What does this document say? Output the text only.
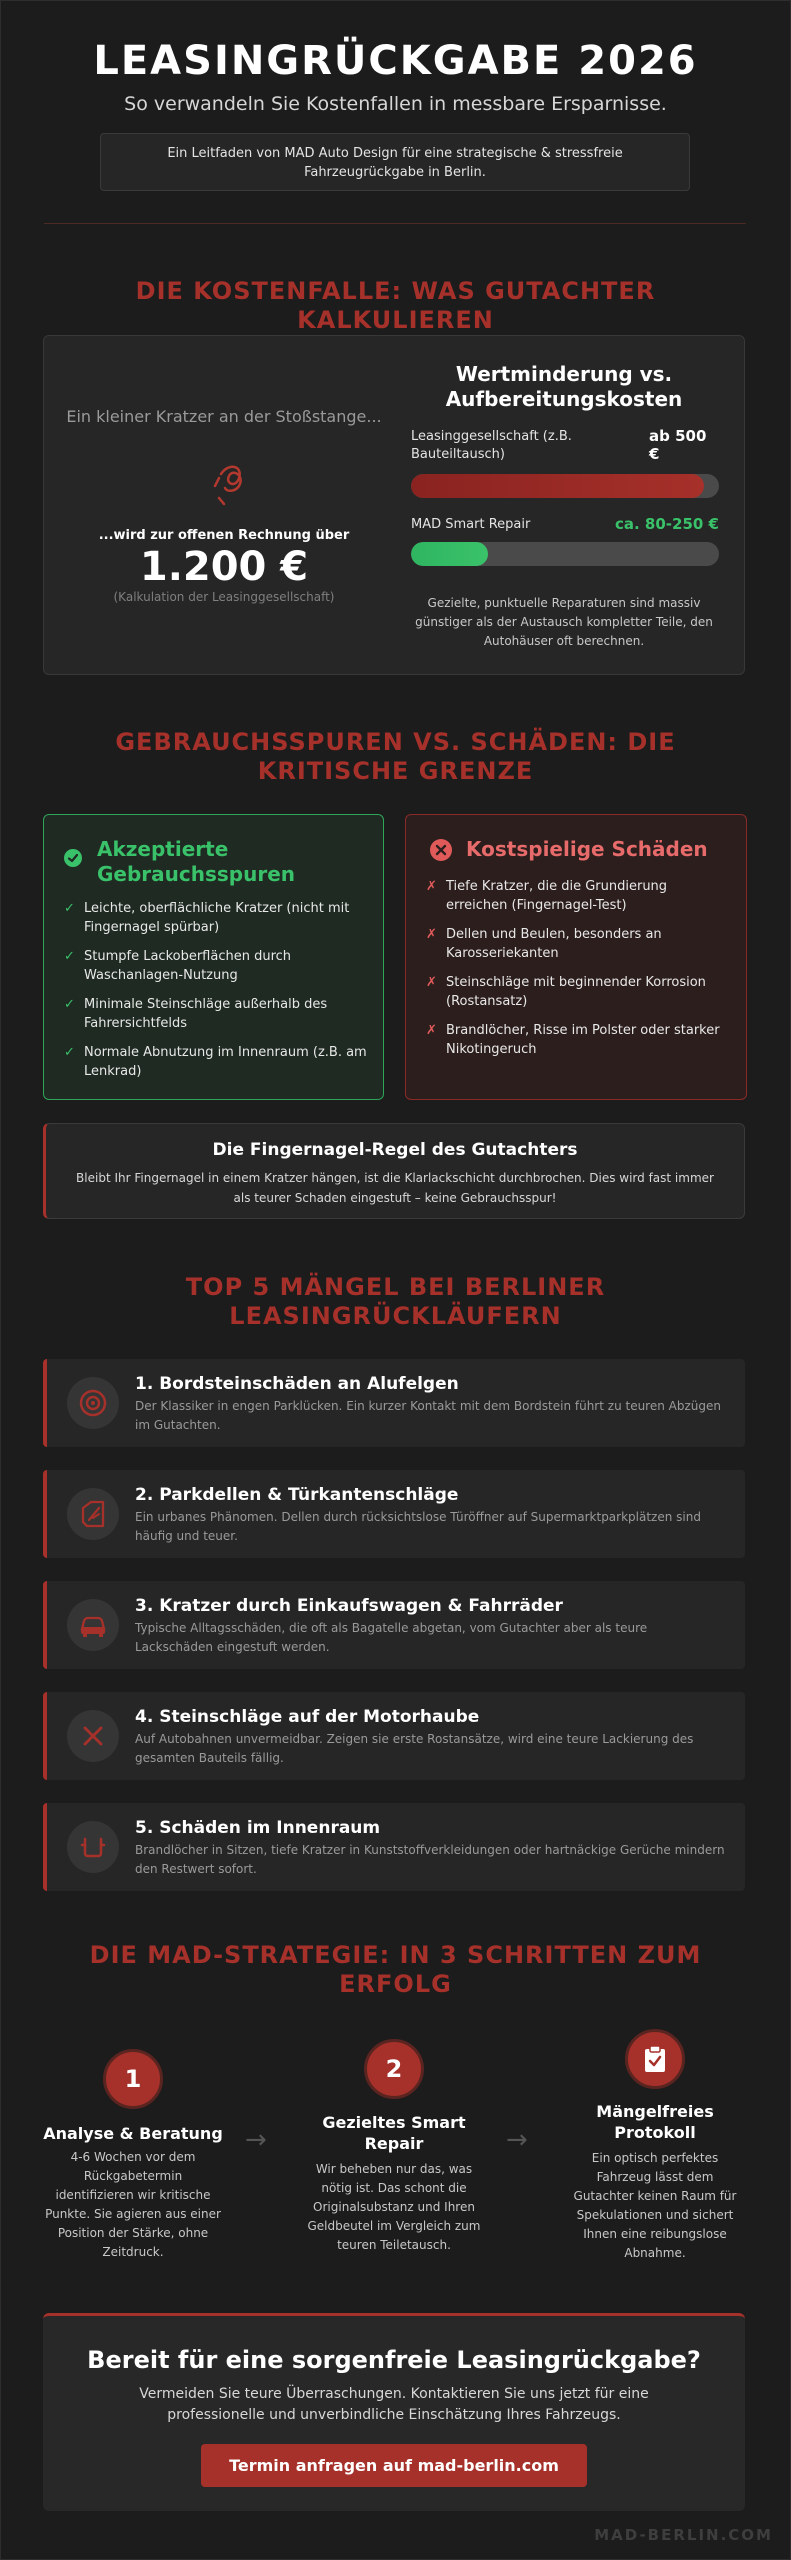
LEASINGRÜCKGABE 2026
So verwandeln Sie Kostenfallen in messbare Ersparnisse.
Ein Leitfaden von MAD Auto Design für eine strategische & stressfreie Fahrzeugrückgabe in Berlin.
DIE KOSTENFALLE: WAS GUTACHTER KALKULIEREN
Ein kleiner Kratzer an der Stoßstange...
...wird zur offenen Rechnung über
1.200 €
(Kalkulation der Leasinggesellschaft)
Wertminderung vs. Aufbereitungskosten
Leasinggesellschaft (z.B. Bauteiltausch)
ab 500 €
MAD Smart Repair	ca. 80-250 €
Gezielte, punktuelle Reparaturen sind massiv günstiger als der Austausch kompletter Teile, den Autohäuser oft berechnen.
GEBRAUCHSSPUREN VS. SCHÄDEN: DIE KRITISCHE GRENZE
Akzeptierte Gebrauchsspuren
✓ Leichte, oberflächliche Kratzer (nicht mit Fingernagel spürbar)
✓ Stumpfe Lackoberflächen durch Waschanlagen-Nutzung
✓ Minimale Steinschläge außerhalb des Fahrersichtfelds
✓ Normale Abnutzung im Innenraum (z.B. am Lenkrad)
Kostspielige Schäden
✗ Tiefe Kratzer, die die Grundierung erreichen (Fingernagel-Test)
✗ Dellen und Beulen, besonders an Karosseriekanten
✗ Steinschläge mit beginnender Korrosion (Rostansatz)
✗ Brandlöcher, Risse im Polster oder starker Nikotingeruch
Die Fingernagel-Regel des Gutachters
Bleibt Ihr Fingernagel in einem Kratzer hängen, ist die Klarlackschicht durchbrochen. Dies wird fast immer als teurer Schaden eingestuft – keine Gebrauchsspur!
TOP 5 MÄNGEL BEI BERLINER LEASINGRÜCKLÄUFERN
1. Bordsteinschäden an Alufelgen
Der Klassiker in engen Parklücken. Ein kurzer Kontakt mit dem Bordstein führt zu teuren Abzügen im Gutachten.
2. Parkdellen & Türkantenschläge
Ein urbanes Phänomen. Dellen durch rücksichtslose Türöffner auf Supermarktparkplätzen sind häufig und teuer.
3. Kratzer durch Einkaufswagen & Fahrräder
Typische Alltagsschäden, die oft als Bagatelle abgetan, vom Gutachter aber als teure Lackschäden eingestuft werden.
4. Steinschläge auf der Motorhaube
Auf Autobahnen unvermeidbar. Zeigen sie erste Rostansätze, wird eine teure Lackierung des gesamten Bauteils fällig.
5. Schäden im Innenraum
Brandlöcher in Sitzen, tiefe Kratzer in Kunststoffverkleidungen oder hartnäckige Gerüche mindern den Restwert sofort.
DIE MAD-STRATEGIE: IN 3 SCHRITTEN ZUM ERFOLG
1
Analyse & Beratung
4-6 Wochen vor dem Rückgabetermin identifizieren wir kritische Punkte. Sie agieren aus einer Position der Stärke, ohne Zeitdruck.
→
2
Gezieltes Smart Repair
Wir beheben nur das, was nötig ist. Das schont die Originalsubstanz und Ihren Geldbeutel im Vergleich zum teuren Teiletausch.
→
Mängelfreies Protokoll
Ein optisch perfektes Fahrzeug lässt dem Gutachter keinen Raum für Spekulationen und sichert Ihnen eine reibungslose Abnahme.
Bereit für eine sorgenfreie Leasingrückgabe?
Vermeiden Sie teure Überraschungen. Kontaktieren Sie uns jetzt für eine professionelle und unverbindliche Einschätzung Ihres Fahrzeugs.
Termin anfragen auf mad-berlin.com
MAD-BERLIN.COM
